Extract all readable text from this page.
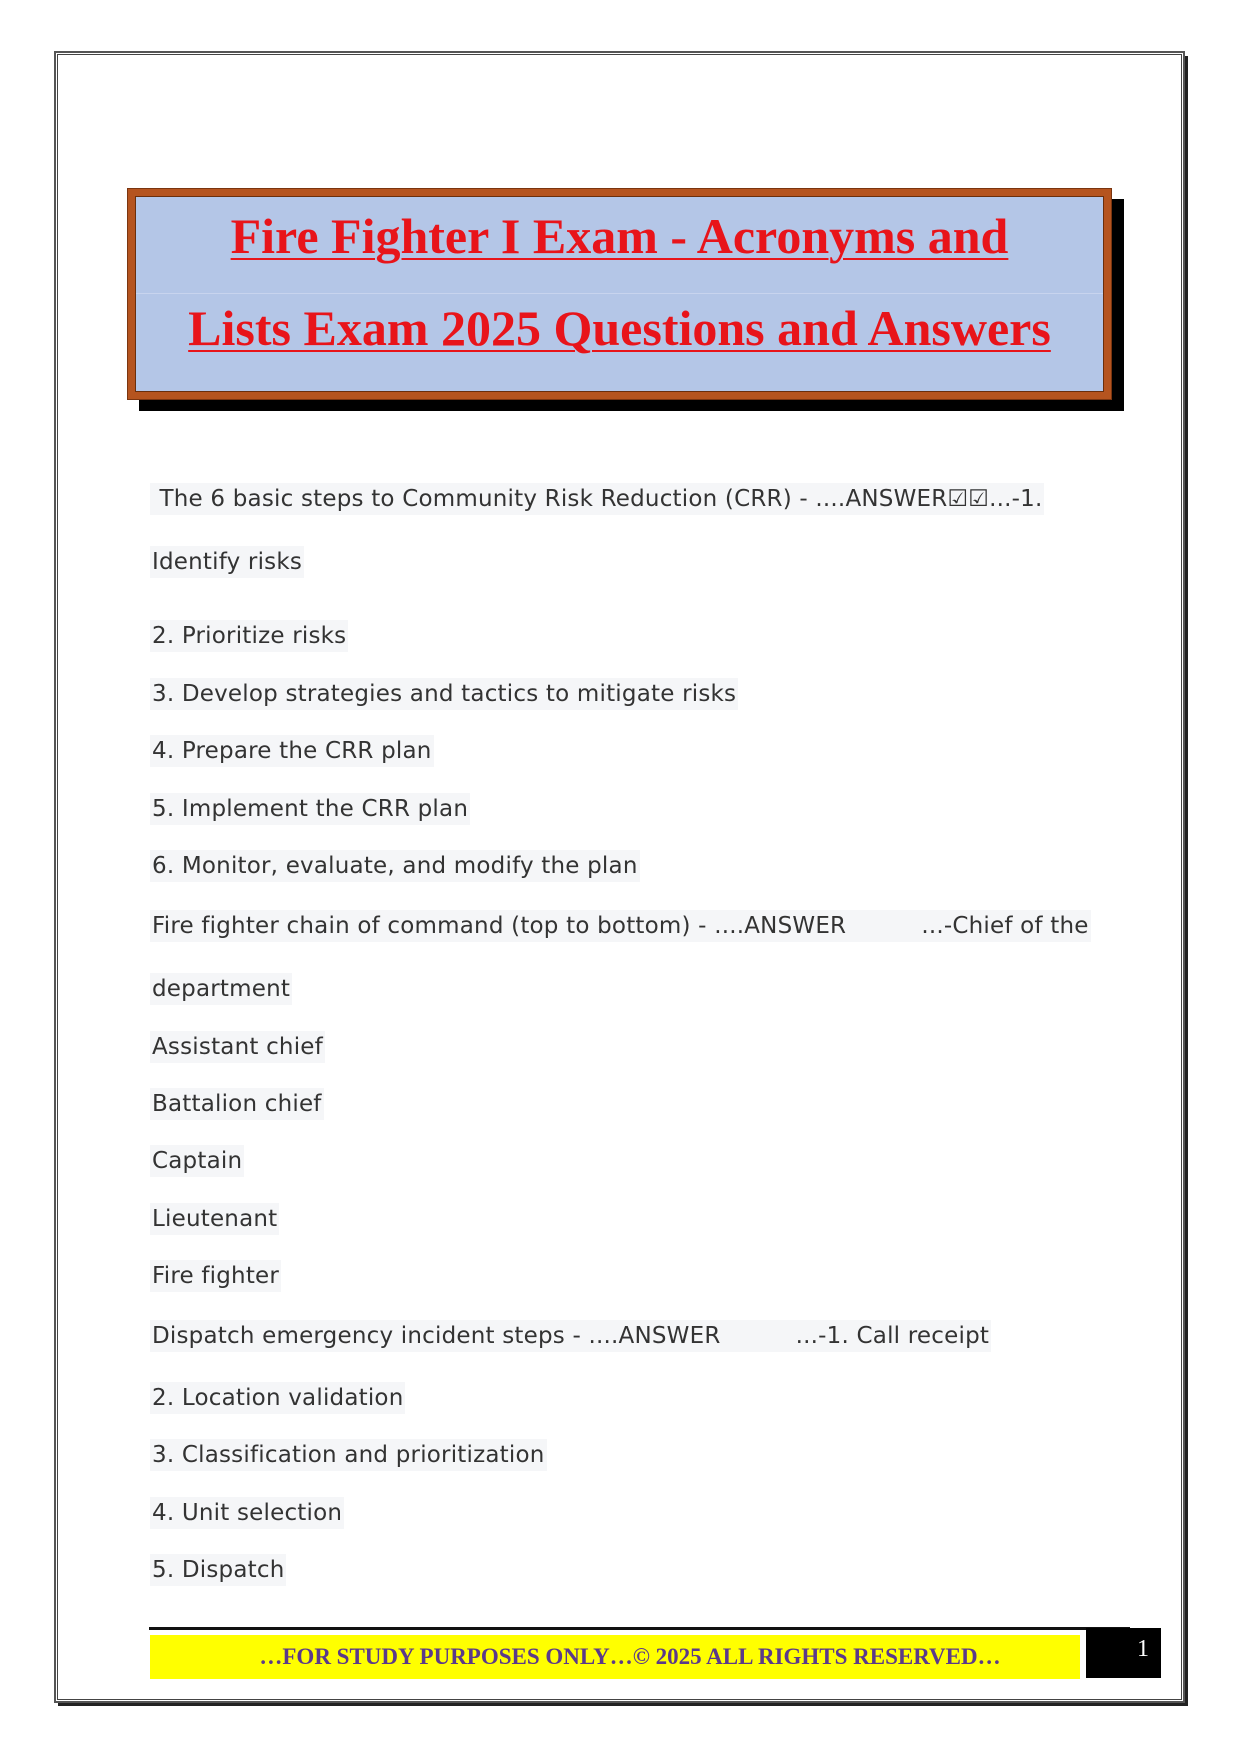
Fire Fighter I Exam - Acronyms and
Lists Exam 2025 Questions and Answers
The 6 basic steps to Community Risk Reduction (CRR) - ....ANSWER☑☑...-1.
Identify risks
2. Prioritize risks
3. Develop strategies and tactics to mitigate risks
4. Prepare the CRR plan
5. Implement the CRR plan
6. Monitor, evaluate, and modify the plan
Fire fighter chain of command (top to bottom) - ....ANSWER          ...-Chief of the
department
Assistant chief
Battalion chief
Captain
Lieutenant
Fire fighter
Dispatch emergency incident steps - ....ANSWER          ...-1. Call receipt
2. Location validation
3. Classification and prioritization
4. Unit selection
5. Dispatch
…FOR STUDY PURPOSES ONLY…© 2025 ALL RIGHTS RESERVED…	1
